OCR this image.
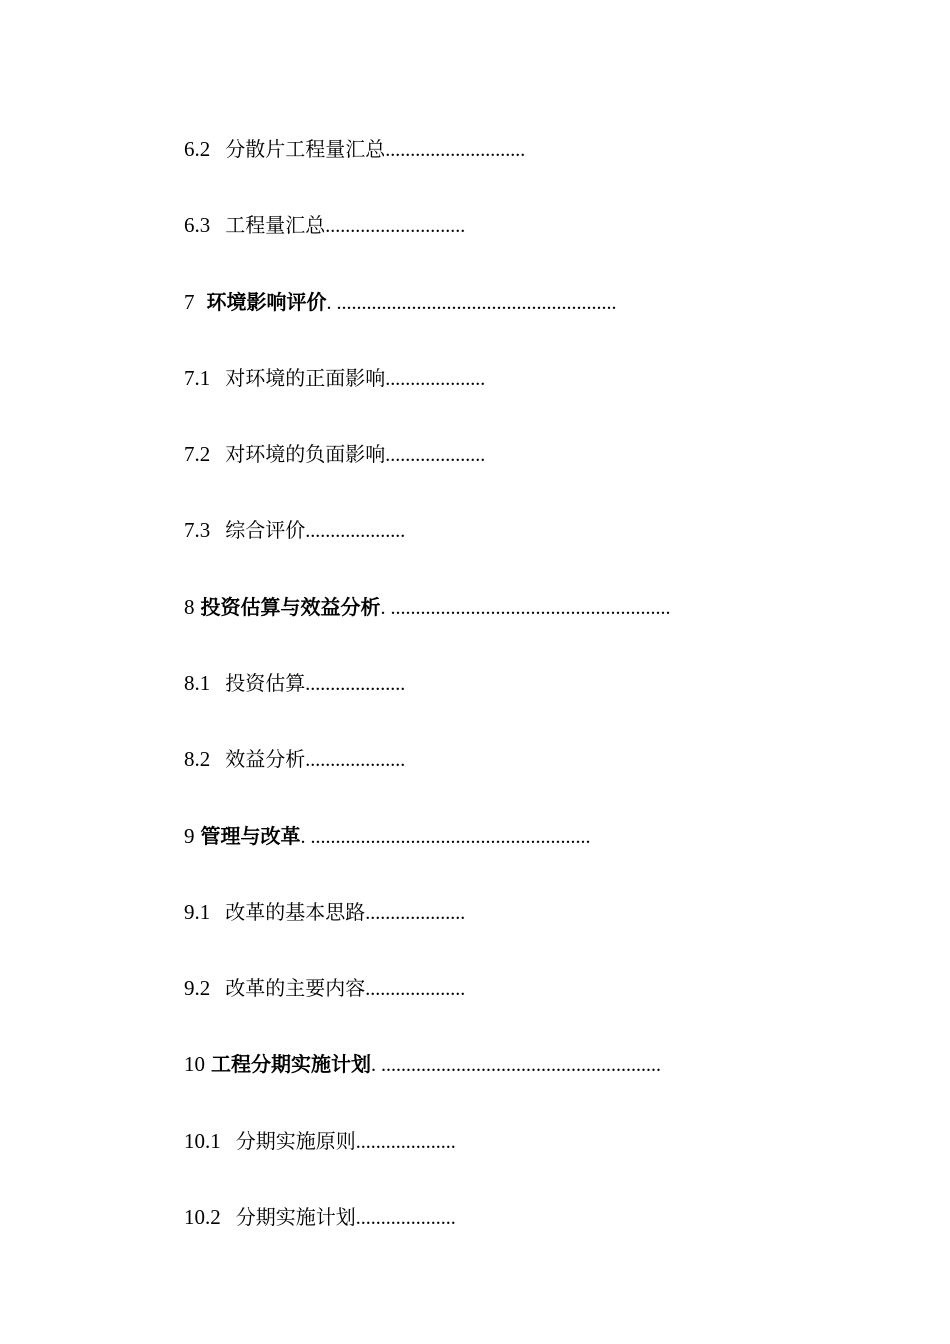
6.2 分散片工程量汇总............................
6.3 工程量汇总............................
7 环境影响评价. ........................................................
7.1 对环境的正面影响....................
7.2 对环境的负面影响....................
7.3 综合评价....................
8 投资估算与效益分析. ........................................................
8.1 投资估算....................
8.2 效益分析....................
9 管理与改革. ........................................................
9.1 改革的基本思路....................
9.2 改革的主要内容....................
10 工程分期实施计划. ........................................................
10.1 分期实施原则....................
10.2 分期实施计划....................
